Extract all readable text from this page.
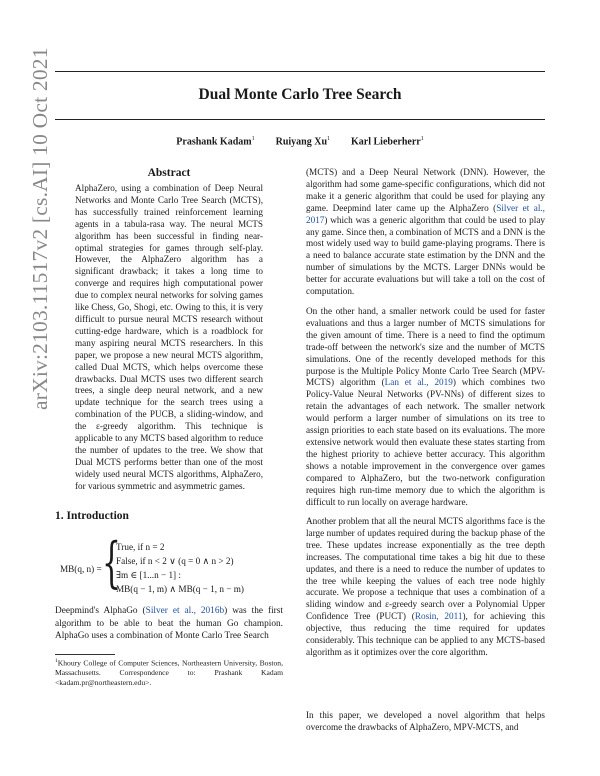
Dual Monte Carlo Tree Search
Prashank Kadam$^1$ Ruiyang Xu$^1$ Karl Lieberherr$^1$
arXiv:2103.11517v2 [cs.AI] 10 Oct 2021	Abstract
AlphaZero, using a combination of Deep Neural Networks and Monte Carlo Tree Search (MCTS), has successfully trained reinforcement learning agents in a tabula-rasa way. The neural MCTS algorithm has been successful in finding near-optimal strategies for games through self-play. However, the AlphaZero algorithm has a significant drawback; it takes a long time to converge and requires high computational power due to complex neural networks for solving games like Chess, Go, Shogi, etc. Owing to this, it is very difficult to pursue neural MCTS research without cutting-edge hardware, which is a roadblock for many aspiring neural MCTS researchers. In this paper, we propose a new neural MCTS algorithm, called Dual MCTS, which helps overcome these drawbacks. Dual MCTS uses two different search trees, a single deep neural network, and a new update technique for the search trees using a combination of the PUCB, a sliding-window, and the ε-greedy algorithm. This technique is applicable to any MCTS based algorithm to reduce the number of updates to the tree. We show that Dual MCTS performs better than one of the most widely used neural MCTS algorithms, AlphaZero, for various symmetric and asymmetric games.
1. Introduction
MB(q, n) = {
True, if n = 2
False, if n < 2 ∨ (q = 0 ∧ n > 2)
∃m ∈ [1...n − 1] :
MB(q − 1, m) ∧ MB(q − 1, n − m)

Deepmind's AlphaGo (Silver et al., 2016b) was the first algorithm to be able to beat the human Go champion. AlphaGo uses a combination of Monte Carlo Tree Search

$^1$Khoury College of Computer Sciences, Northeastern University, Boston, Massachusetts. Correspondence to: Prashank Kadam <kadam.pr@northeastern.edu>.

(MCTS) and a Deep Neural Network (DNN). However, the algorithm had some game-specific configurations, which did not make it a generic algorithm that could be used for playing any game. Deepmind later came up the AlphaZero (Silver et al., 2017) which was a generic algorithm that could be used to play any game. Since then, a combination of MCTS and a DNN is the most widely used way to build game-playing programs. There is a need to balance accurate state estimation by the DNN and the number of simulations by the MCTS. Larger DNNs would be better for accurate evaluations but will take a toll on the cost of computation.

On the other hand, a smaller network could be used for faster evaluations and thus a larger number of MCTS simulations for the given amount of time. There is a need to find the optimum trade-off between the network's size and the number of MCTS simulations. One of the recently developed methods for this purpose is the Multiple Policy Monte Carlo Tree Search (MPV-MCTS) algorithm (Lan et al., 2019) which combines two Policy-Value Neural Networks (PV-NNs) of different sizes to retain the advantages of each network. The smaller network would perform a larger number of simulations on its tree to assign priorities to each state based on its evaluations. The more extensive network would then evaluate these states starting from the highest priority to achieve better accuracy. This algorithm shows a notable improvement in the convergence over games compared to AlphaZero, but the two-network configuration requires high run-time memory due to which the algorithm is difficult to run locally on average hardware.

Another problem that all the neural MCTS algorithms face is the large number of updates required during the backup phase of the tree. These updates increase exponentially as the tree depth increases. The computational time takes a big hit due to these updates, and there is a need to reduce the number of updates to the tree while keeping the values of each tree node highly accurate. We propose a technique that uses a combination of a sliding window and ε-greedy search over a Polynomial Upper Confidence Tree (PUCT) (Rosin, 2011), for achieving this objective, thus reducing the time required for updates considerably. This technique can be applied to any MCTS-based algorithm as it optimizes over the core algorithm.

In this paper, we developed a novel algorithm that helps overcome the drawbacks of AlphaZero, MPV-MCTS, and
